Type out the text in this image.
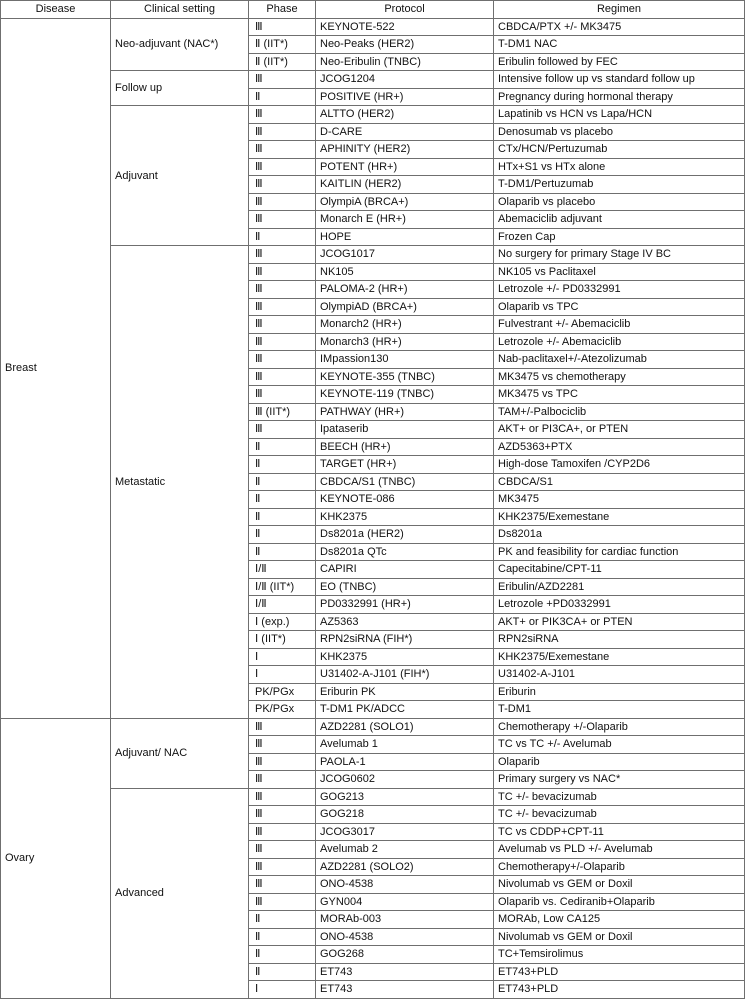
Disease	Clinical setting	Phase	Protocol	Regimen
Breast	Neo-adjuvant (NAC*)	Ⅲ	KEYNOTE-522	CBDCA/PTX +/- MK3475
		Ⅱ (IIT*)	Neo-Peaks (HER2)	T-DM1 NAC
		Ⅱ (IIT*)	Neo-Eribulin (TNBC)	Eribulin followed by FEC
	Follow up	Ⅲ	JCOG1204	Intensive follow up vs standard follow up
		Ⅱ	POSITIVE (HR+)	Pregnancy during hormonal therapy
	Adjuvant	Ⅲ	ALTTO (HER2)	Lapatinib vs HCN vs Lapa/HCN
		Ⅲ	D-CARE	Denosumab vs placebo
		Ⅲ	APHINITY (HER2)	CTx/HCN/Pertuzumab
		Ⅲ	POTENT (HR+)	HTx+S1 vs HTx alone
		Ⅲ	KAITLIN (HER2)	T-DM1/Pertuzumab
		Ⅲ	OlympiA (BRCA+)	Olaparib vs placebo
		Ⅲ	Monarch E (HR+)	Abemaciclib adjuvant
		Ⅱ	HOPE	Frozen Cap
	Metastatic	Ⅲ	JCOG1017	No surgery for primary Stage IV BC
		Ⅲ	NK105	NK105 vs Paclitaxel
		Ⅲ	PALOMA-2 (HR+)	Letrozole +/- PD0332991
		Ⅲ	OlympiAD (BRCA+)	Olaparib vs TPC
		Ⅲ	Monarch2 (HR+)	Fulvestrant +/- Abemaciclib
		Ⅲ	Monarch3 (HR+)	Letrozole +/- Abemaciclib
		Ⅲ	IMpassion130	Nab-paclitaxel+/-Atezolizumab
		Ⅲ	KEYNOTE-355 (TNBC)	MK3475 vs chemotherapy
		Ⅲ	KEYNOTE-119 (TNBC)	MK3475 vs TPC
		Ⅲ (IIT*)	PATHWAY (HR+)	TAM+/-Palbociclib
		Ⅲ	Ipataserib	AKT+ or PI3CA+, or PTEN
		Ⅱ	BEECH (HR+)	AZD5363+PTX
		Ⅱ	TARGET (HR+)	High-dose Tamoxifen /CYP2D6
		Ⅱ	CBDCA/S1 (TNBC)	CBDCA/S1
		Ⅱ	KEYNOTE-086	MK3475
		Ⅱ	KHK2375	KHK2375/Exemestane
		Ⅱ	Ds8201a (HER2)	Ds8201a
		Ⅱ	Ds8201a QTc	PK and feasibility for cardiac function
		Ⅰ/Ⅱ	CAPIRI	Capecitabine/CPT-11
		Ⅰ/Ⅱ (IIT*)	EO (TNBC)	Eribulin/AZD2281
		Ⅰ/Ⅱ	PD0332991 (HR+)	Letrozole +PD0332991
		Ⅰ (exp.)	AZ5363	AKT+ or PIK3CA+ or PTEN
		Ⅰ (IIT*)	RPN2siRNA (FIH*)	RPN2siRNA
		Ⅰ	KHK2375	KHK2375/Exemestane
		Ⅰ	U31402-A-J101 (FIH*)	U31402-A-J101
		PK/PGx	Eriburin PK	Eriburin
		PK/PGx	T-DM1 PK/ADCC	T-DM1
Ovary	Adjuvant/ NAC	Ⅲ	AZD2281 (SOLO1)	Chemotherapy +/-Olaparib
		Ⅲ	Avelumab 1	TC vs TC +/- Avelumab
		Ⅲ	PAOLA-1	Olaparib
		Ⅲ	JCOG0602	Primary surgery vs NAC*
	Advanced	Ⅲ	GOG213	TC +/- bevacizumab
		Ⅲ	GOG218	TC +/- bevacizumab
		Ⅲ	JCOG3017	TC vs CDDP+CPT-11
		Ⅲ	Avelumab 2	Avelumab vs PLD +/- Avelumab
		Ⅲ	AZD2281 (SOLO2)	Chemotherapy+/-Olaparib
		Ⅲ	ONO-4538	Nivolumab vs GEM or Doxil
		Ⅲ	GYN004	Olaparib vs. Cediranib+Olaparib
		Ⅱ	MORAb-003	MORAb, Low CA125
		Ⅱ	ONO-4538	Nivolumab vs GEM or Doxil
		Ⅱ	GOG268	TC+Temsirolimus
		Ⅱ	ET743	ET743+PLD
		Ⅰ	ET743	ET743+PLD
